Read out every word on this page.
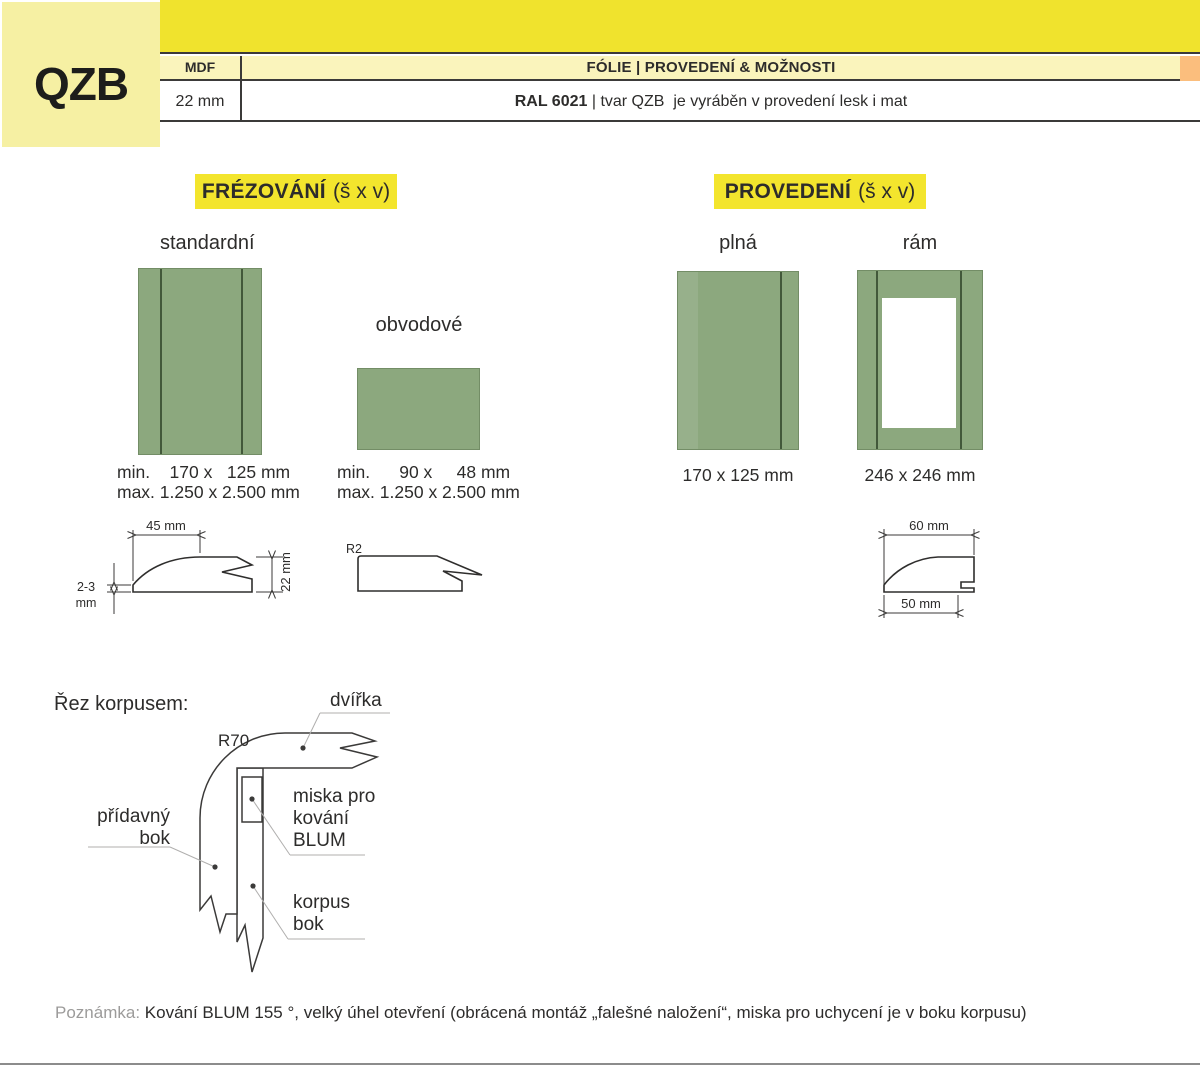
QZB	MDF	FÓLIE | PROVEDENÍ & MOŽNOSTI
22 mm	RAL 6021 | tvar QZB  je vyráběn v provedení lesk i mat
FRÉZOVÁNÍ (š x v)	PROVEDENÍ (š x v)
standardní
obvodové
plná	rám
min.    170 x   125 mm
max. 1.250 x 2.500 mm
min.      90 x     48 mm
max. 1.250 x 2.500 mm
170 x 125 mm	246 x 246 mm
45 mm
22 mm
2-3
mm
R2
60 mm
50 mm
Řez korpusem:	dvířka
R70
přídavný
bok
miska pro
kování
BLUM
korpus
bok
Poznámka: Kování BLUM 155 °, velký úhel otevření (obrácená montáž „falešné naložení“, miska pro uchycení je v boku korpusu)
